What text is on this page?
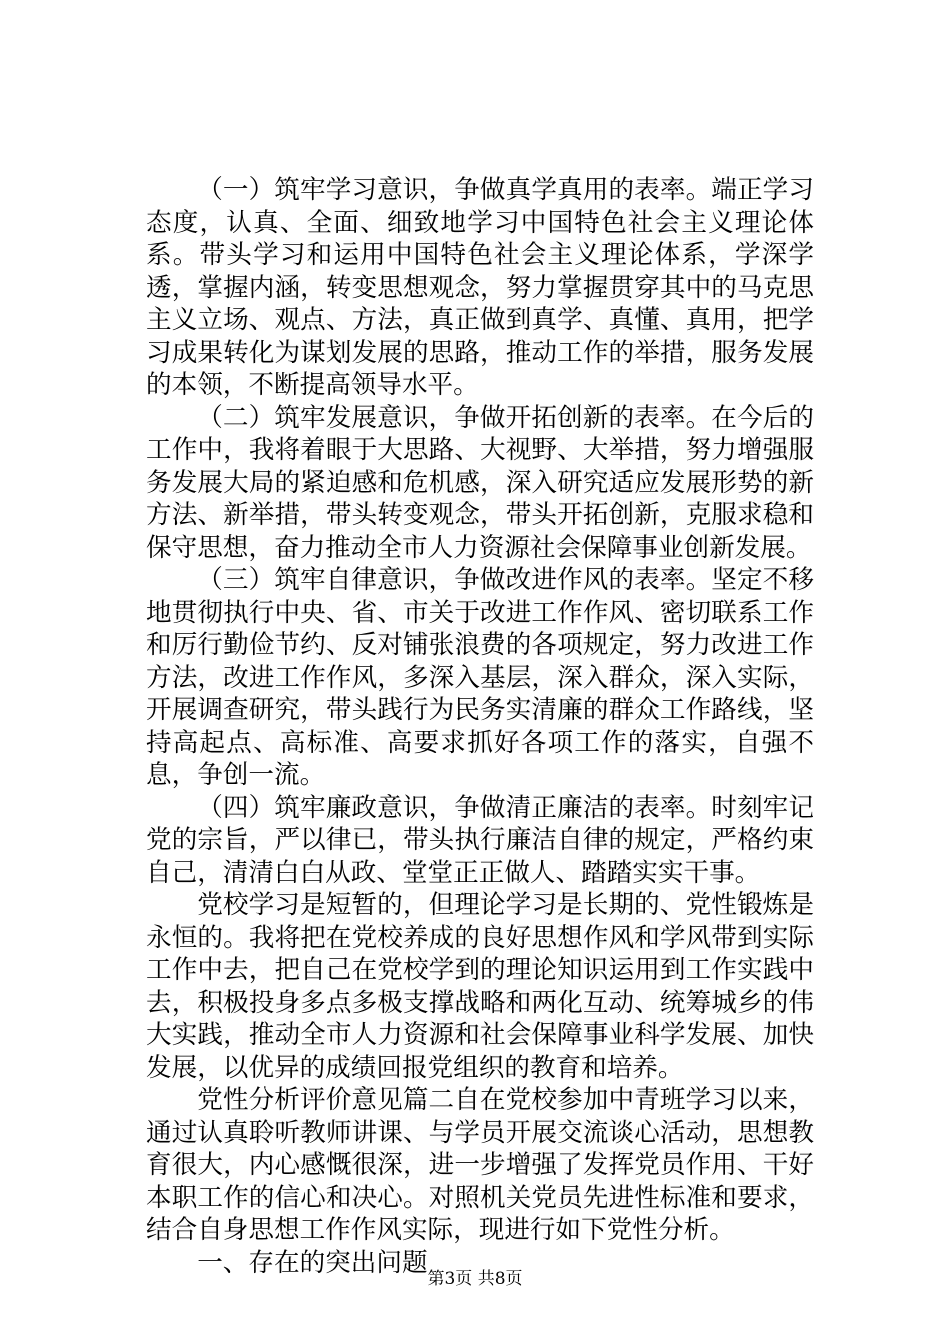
（一）筑牢学习意识，争做真学真用的表率。端正学习态度，认真、全面、细致地学习中国特色社会主义理论体系。带头学习和运用中国特色社会主义理论体系，学深学透，掌握内涵，转变思想观念，努力掌握贯穿其中的马克思主义立场、观点、方法，真正做到真学、真懂、真用，把学习成果转化为谋划发展的思路，推动工作的举措，服务发展的本领，不断提高领导水平。

（二）筑牢发展意识，争做开拓创新的表率。在今后的工作中，我将着眼于大思路、大视野、大举措，努力增强服务发展大局的紧迫感和危机感，深入研究适应发展形势的新方法、新举措，带头转变观念，带头开拓创新，克服求稳和保守思想，奋力推动全市人力资源社会保障事业创新发展。

（三）筑牢自律意识，争做改进作风的表率。坚定不移地贯彻执行中央、省、市关于改进工作作风、密切联系工作和厉行勤俭节约、反对铺张浪费的各项规定，努力改进工作方法，改进工作作风，多深入基层，深入群众，深入实际，开展调查研究，带头践行为民务实清廉的群众工作路线，坚持高起点、高标准、高要求抓好各项工作的落实，自强不息，争创一流。

（四）筑牢廉政意识，争做清正廉洁的表率。时刻牢记党的宗旨，严以律已，带头执行廉洁自律的规定，严格约束自己，清清白白从政、堂堂正正做人、踏踏实实干事。

党校学习是短暂的，但理论学习是长期的、党性锻炼是永恒的。我将把在党校养成的良好思想作风和学风带到实际工作中去，把自己在党校学到的理论知识运用到工作实践中去，积极投身多点多极支撑战略和两化互动、统筹城乡的伟大实践，推动全市人力资源和社会保障事业科学发展、加快发展，以优异的成绩回报党组织的教育和培养。

党性分析评价意见篇二自在党校参加中青班学习以来，通过认真聆听教师讲课、与学员开展交流谈心活动，思想教育很大，内心感慨很深，进一步增强了发挥党员作用、干好本职工作的信心和决心。对照机关党员先进性标准和要求，结合自身思想工作作风实际，现进行如下党性分析。

一、存在的突出问题

第3页 共8页
